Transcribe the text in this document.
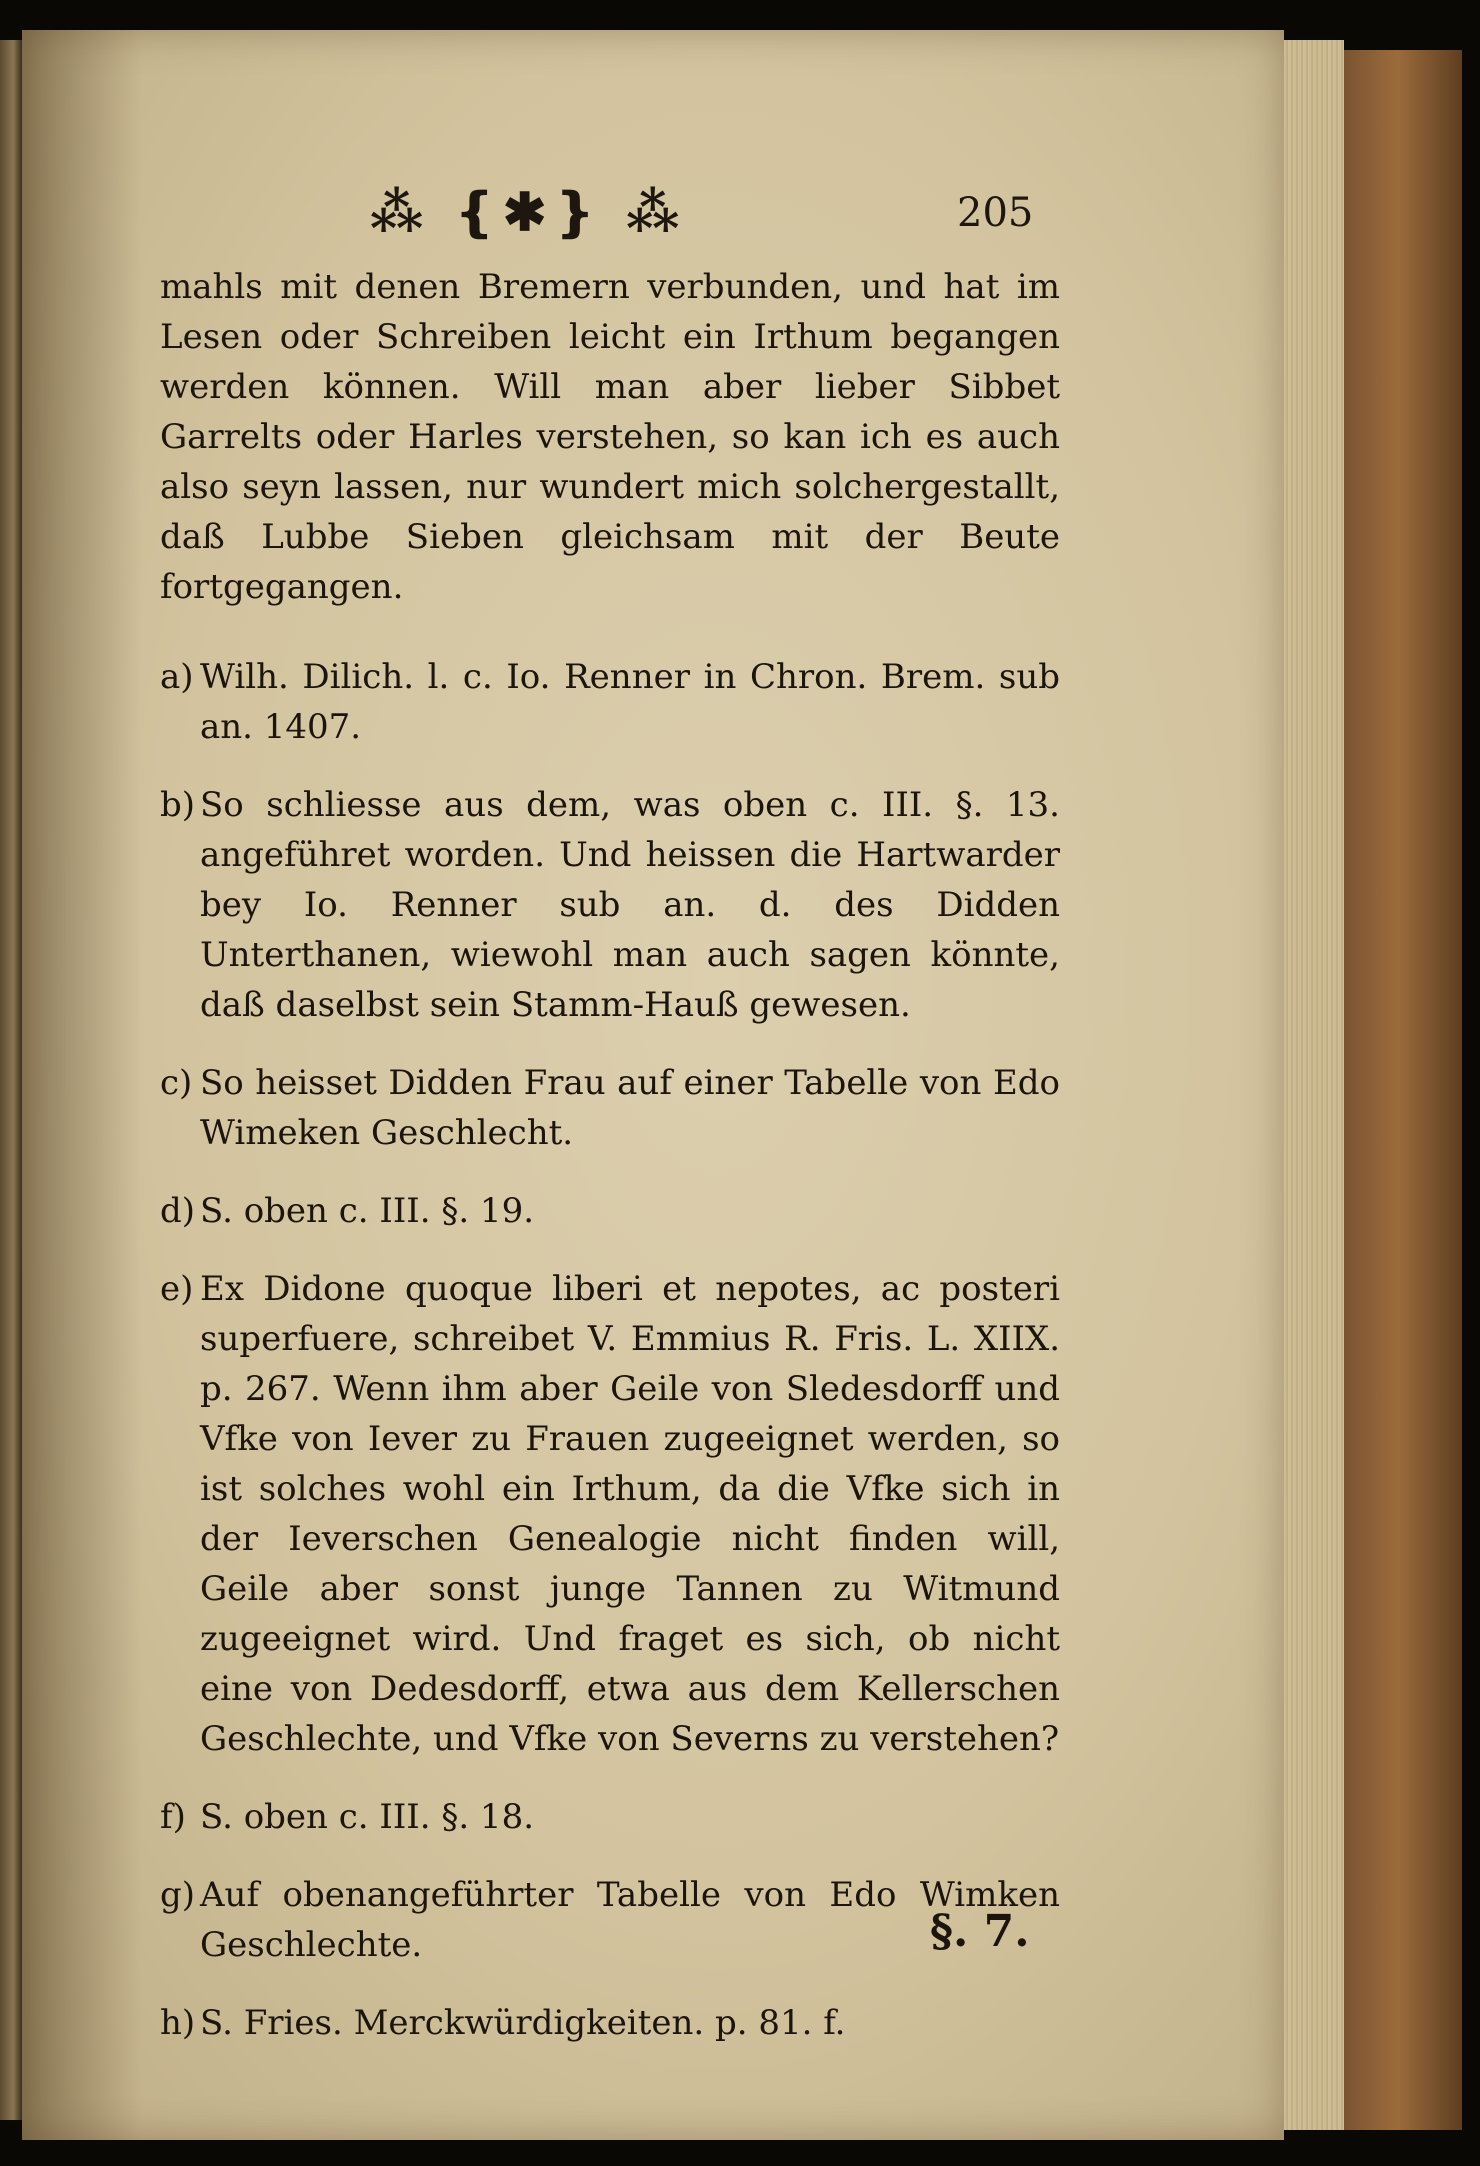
⁂ ❴✱❵ ⁂	205

mahls mit denen Bremern verbunden, und hat im Lesen oder Schreiben leicht ein Irthum begangen werden können. Will man aber lieber Sibbet Garrelts oder Harles verstehen, so kan ich es auch also seyn lassen, nur wundert mich solchergestallt, daß Lubbe Sieben gleichsam mit der Beute fortgegangen.

a) Wilh. Dilich. l. c. Io. Renner in Chron. Brem. sub an. 1407.
b) So schliesse aus dem, was oben c. III. §. 13. angeführet worden. Und heissen die Hartwarder bey Io. Renner sub an. d. des Didden Unterthanen, wiewohl man auch sagen könnte, daß daselbst sein Stamm-Hauß gewesen.
c) So heisset Didden Frau auf einer Tabelle von Edo Wimeken Geschlecht.
d) S. oben c. III. §. 19.
e) Ex Didone quoque liberi et nepotes, ac posteri superfuere, schreibet V. Emmius R. Fris. L. XIIX. p. 267. Wenn ihm aber Geile von Sledesdorff und Vfke von Iever zu Frauen zugeeignet werden, so ist solches wohl ein Irthum, da die Vfke sich in der Ieverschen Genealogie nicht finden will, Geile aber sonst junge Tannen zu Witmund zugeeignet wird. Und fraget es sich, ob nicht eine von Dedesdorff, etwa aus dem Kellerschen Geschlechte, und Vfke von Severns zu verstehen?
f) S. oben c. III. §. 18.
g) Auf obenangeführter Tabelle von Edo Wimken Geschlechte.
h) S. Fries. Merckwürdigkeiten. p. 81. f.
§. 7.
